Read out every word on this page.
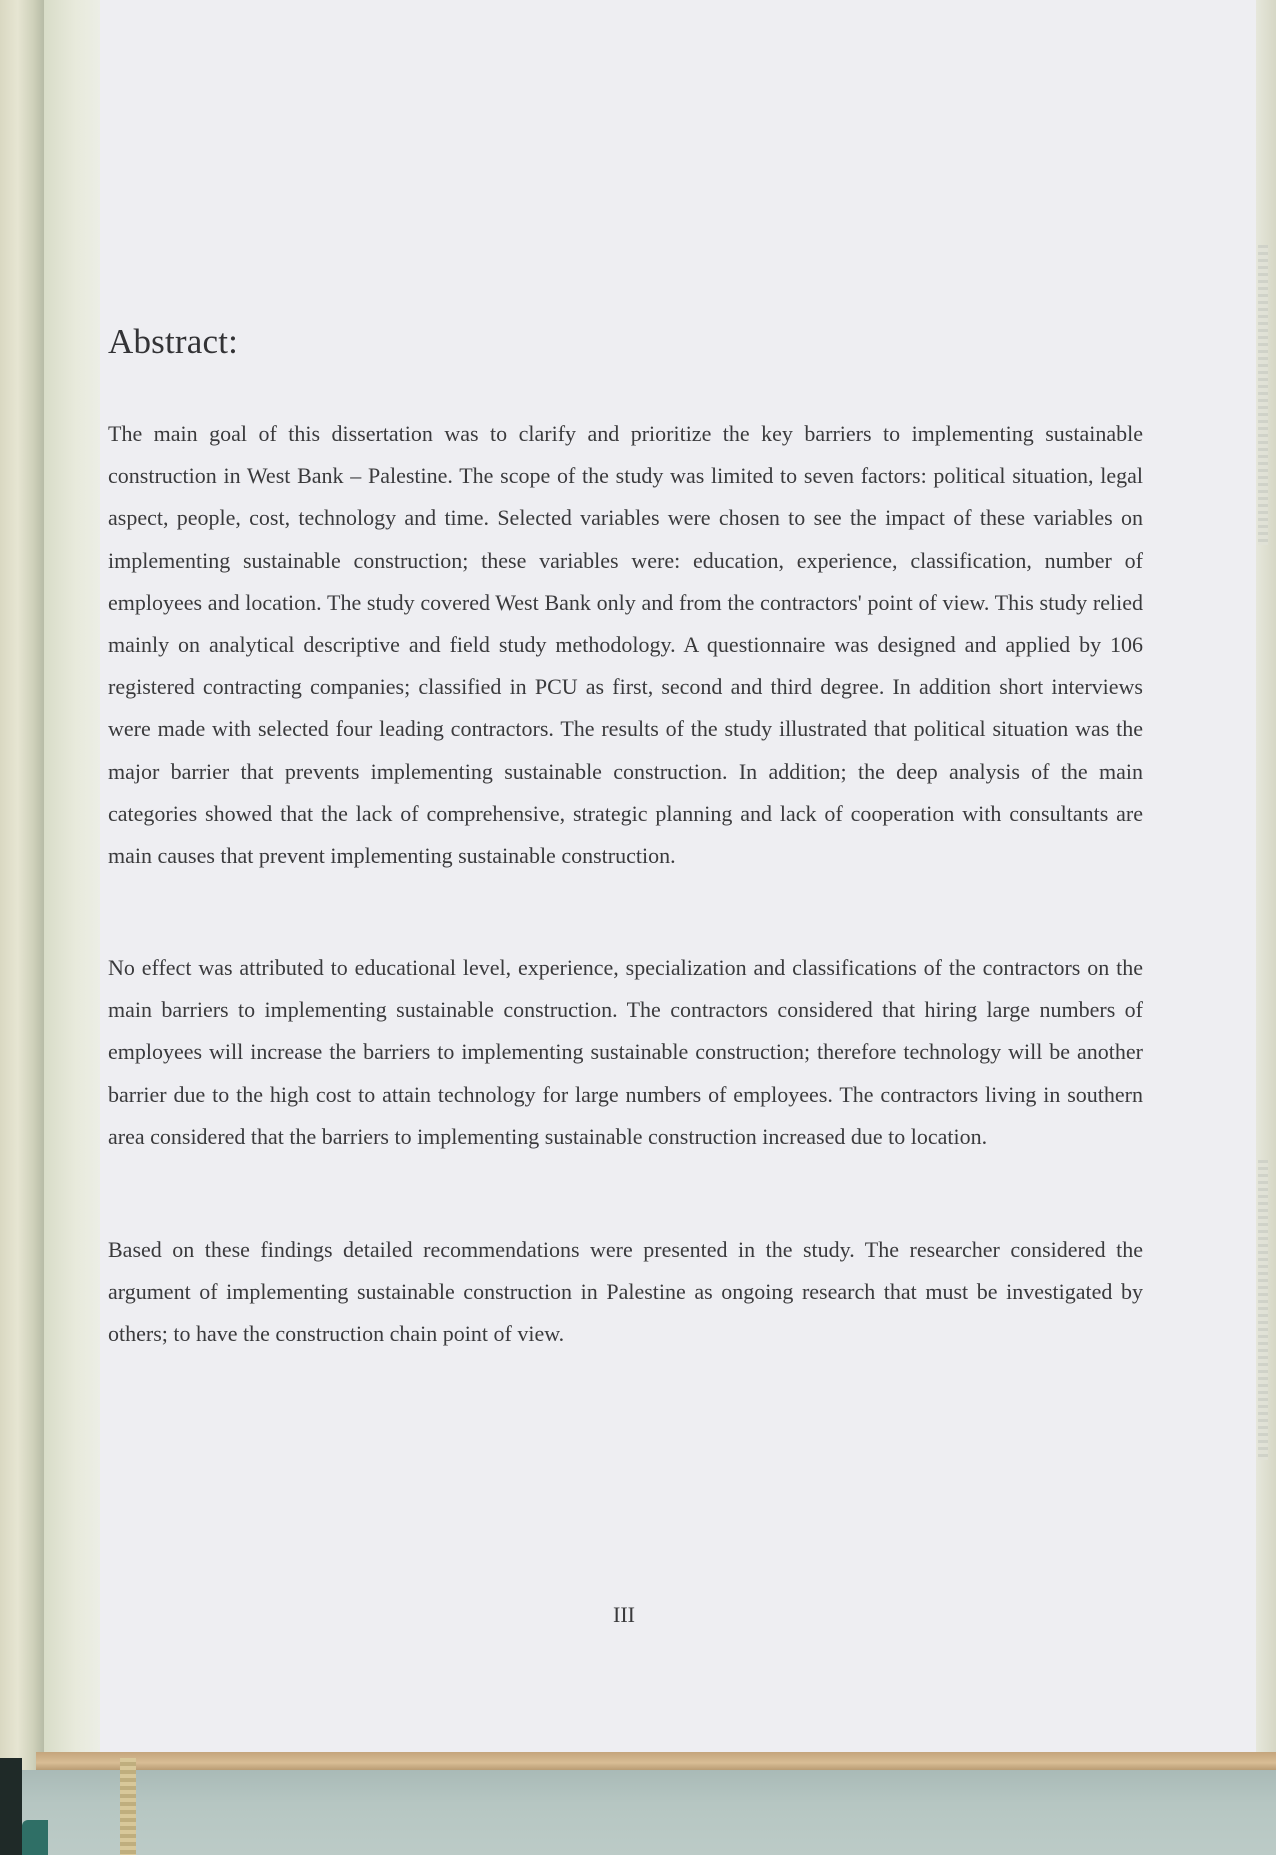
Abstract:

The main goal of this dissertation was to clarify and prioritize the key barriers to implementing sustainable construction in West Bank – Palestine. The scope of the study was limited to seven factors: political situation, legal aspect, people, cost, technology and time. Selected variables were chosen to see the impact of these variables on implementing sustainable construction; these variables were: education, experience, classification, number of employees and location. The study covered West Bank only and from the contractors' point of view. This study relied mainly on analytical descriptive and field study methodology. A questionnaire was designed and applied by 106 registered contracting companies; classified in PCU as first, second and third degree. In addition short interviews were made with selected four leading contractors. The results of the study illustrated that political situation was the major barrier that prevents implementing sustainable construction. In addition; the deep analysis of the main categories showed that the lack of comprehensive, strategic planning and lack of cooperation with consultants are main causes that prevent implementing sustainable construction.

No effect was attributed to educational level, experience, specialization and classifications of the contractors on the main barriers to implementing sustainable construction. The contractors considered that hiring large numbers of employees will increase the barriers to implementing sustainable construction; therefore technology will be another barrier due to the high cost to attain technology for large numbers of employees. The contractors living in southern area considered that the barriers to implementing sustainable construction increased due to location.

Based on these findings detailed recommendations were presented in the study. The researcher considered the argument of implementing sustainable construction in Palestine as ongoing research that must be investigated by others; to have the construction chain point of view.

III
